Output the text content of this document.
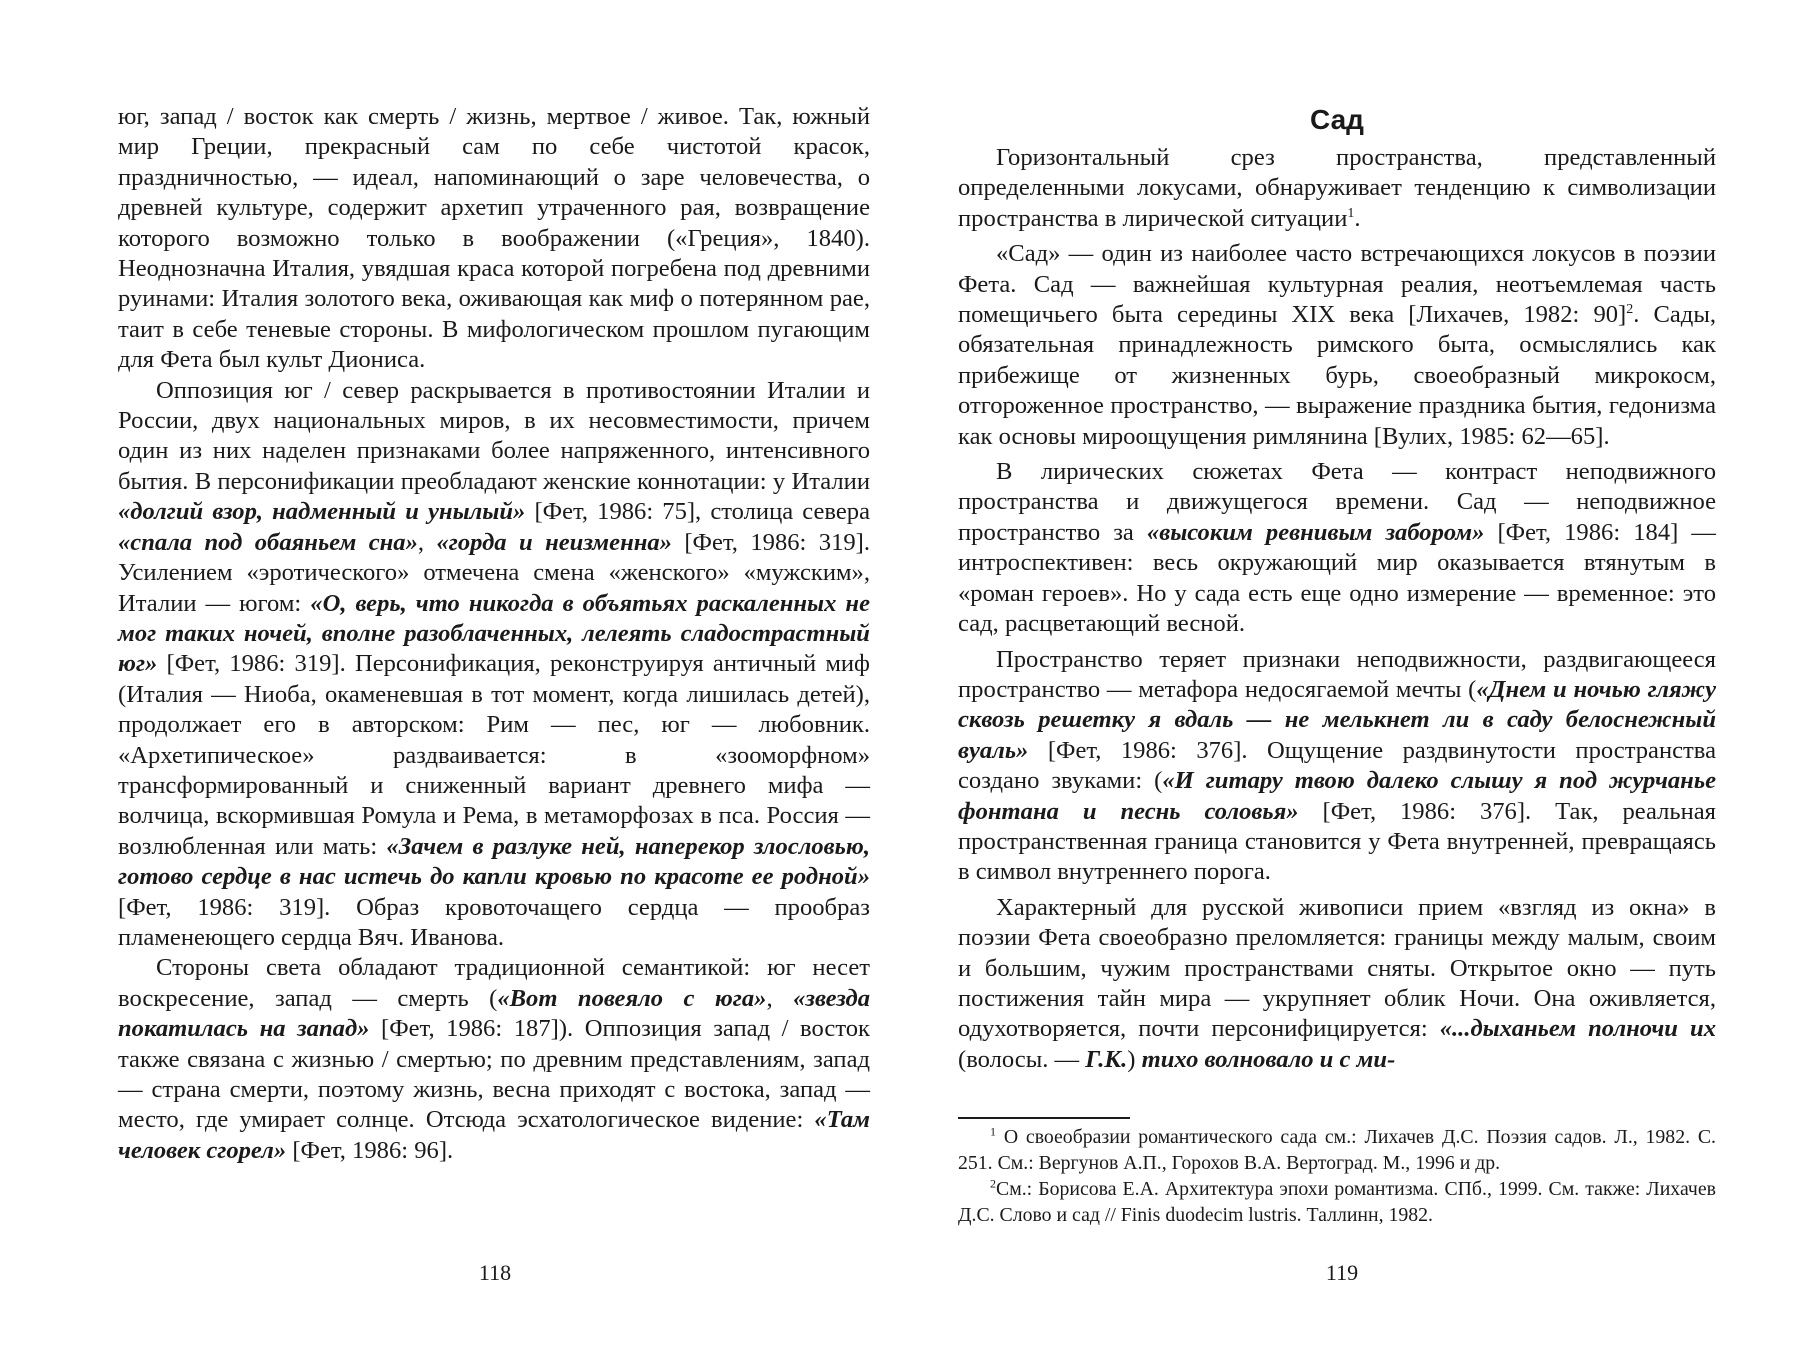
юг, запад / восток как смерть / жизнь, мертвое / живое. Так, южный мир Греции, прекрасный сам по себе чистотой красок, праздничностью, — идеал, напоминающий о заре человечества, о древней культуре, содержит архетип утраченного рая, возвращение которого возможно только в воображении («Греция», 1840). Неоднозначна Италия, увядшая краса которой погребена под древними руинами: Италия золотого века, оживающая как миф о потерянном рае, таит в себе теневые стороны. В мифологическом прошлом пугающим для Фета был культ Диониса.

Оппозиция юг / север раскрывается в противостоянии Италии и России, двух национальных миров, в их несовместимости, причем один из них наделен признаками более напряженного, интенсивного бытия. В персонификации преобладают женские коннотации: у Италии «долгий взор, надменный и унылый» [Фет, 1986: 75], столица севера «спала под обаяньем сна», «горда и неизменна» [Фет, 1986: 319]. Усилением «эротического» отмечена смена «женского» «мужским», Италии — югом: «О, верь, что никогда в объятьях раскаленных не мог таких ночей, вполне разоблаченных, лелеять сладострастный юг» [Фет, 1986: 319]. Персонификация, реконструируя античный миф (Италия — Ниоба, окаменевшая в тот момент, когда лишилась детей), продолжает его в авторском: Рим — пес, юг — любовник. «Архетипическое» раздваивается: в «зооморфном» трансформированный и сниженный вариант древнего мифа — волчица, вскормившая Ромула и Рема, в метаморфозах в пса. Россия — возлюбленная или мать: «Зачем в разлуке ней, наперекор злословью, готово сердце в нас истечь до капли кровью по красоте ее родной» [Фет, 1986: 319]. Образ кровоточащего сердца — прообраз пламенеющего сердца Вяч. Иванова.

Стороны света обладают традиционной семантикой: юг несет воскресение, запад — смерть («Вот повеяло с юга», «звезда покатилась на запад» [Фет, 1986: 187]). Оппозиция запад / восток также связана с жизнью / смертью; по древним представлениям, запад — страна смерти, поэтому жизнь, весна приходят с востока, запад — место, где умирает солнце. Отсюда эсхатологическое видение: «Там человек сгорел» [Фет, 1986: 96].

118
Сад

Горизонтальный срез пространства, представленный определенными локусами, обнаруживает тенденцию к символизации пространства в лирической ситуации$^1$.

«Сад» — один из наиболее часто встречающихся локусов в поэзии Фета. Сад — важнейшая культурная реалия, неотъемлемая часть помещичьего быта середины XIX века [Лихачев, 1982: 90]$^2$. Сады, обязательная принадлежность римского быта, осмыслялись как прибежище от жизненных бурь, своеобразный микрокосм, отгороженное пространство, — выражение праздника бытия, гедонизма как основы мироощущения римлянина [Вулих, 1985: 62—65].

В лирических сюжетах Фета — контраст неподвижного пространства и движущегося времени. Сад — неподвижное пространство за «высоким ревнивым забором» [Фет, 1986: 184] — интроспективен: весь окружающий мир оказывается втянутым в «роман героев». Но у сада есть еще одно измерение — временное: это сад, расцветающий весной.

Пространство теряет признаки неподвижности, раздвигающееся пространство — метафора недосягаемой мечты («Днем и ночью гляжу сквозь решетку я вдаль — не мелькнет ли в саду белоснежный вуаль» [Фет, 1986: 376]. Ощущение раздвинутости пространства создано звуками: («И гитару твою далеко слышу я под журчанье фонтана и песнь соловья» [Фет, 1986: 376]. Так, реальная пространственная граница становится у Фета внутренней, превращаясь в символ внутреннего порога.

Характерный для русской живописи прием «взгляд из окна» в поэзии Фета своеобразно преломляется: границы между малым, своим и большим, чужим пространствами сняты. Открытое окно — путь постижения тайн мира — укрупняет облик Ночи. Она оживляется, одухотворяется, почти персонифицируется: «...дыханьем полночи их (волосы. — Г.К.) тихо волновало и с ми-

$^1$ О своеобразии романтического сада см.: Лихачев Д.С. Поэзия садов. Л., 1982. С. 251. См.: Вергунов А.П., Горохов В.А. Вертоград. М., 1996 и др.

$^2$См.: Борисова Е.А. Архитектура эпохи романтизма. СПб., 1999. См. также: Лихачев Д.С. Слово и сад // Finis duodecim lustris. Таллинн, 1982.

119
